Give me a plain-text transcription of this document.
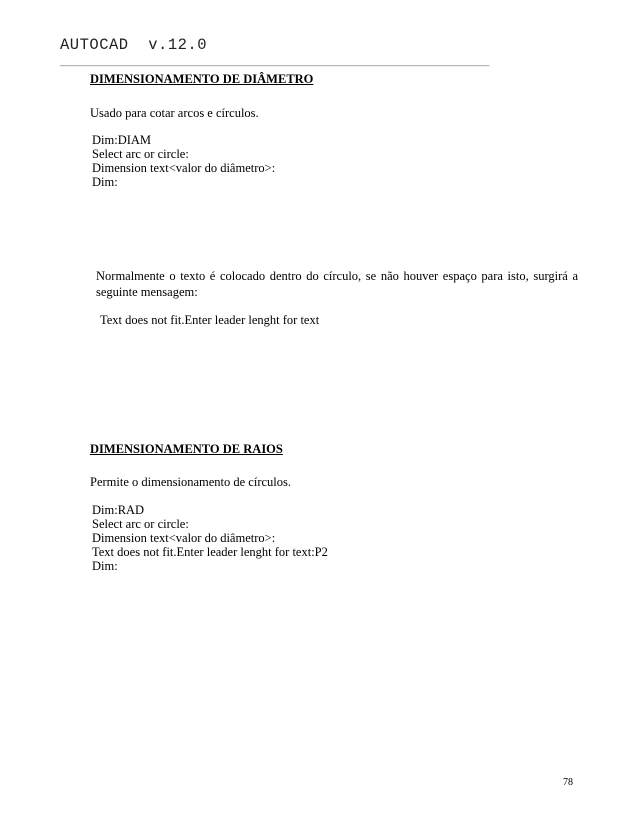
AUTOCAD  v.12.0
________________________________________________________________
DIMENSIONAMENTO DE DIÂMETRO
Usado para cotar arcos e círculos.
Dim:DIAM
Select arc or circle:
Dimension text<valor do diâmetro>:
Dim:
Normalmente o texto é colocado dentro do círculo, se não houver espaço para isto, surgirá a seguinte mensagem:
Text does not fit.Enter leader lenght for text
DIMENSIONAMENTO DE RAIOS
Permite o dimensionamento de círculos.
Dim:RAD
Select arc or circle:
Dimension text<valor do diâmetro>:
Text does not fit.Enter leader lenght for text:P2
Dim:
78
